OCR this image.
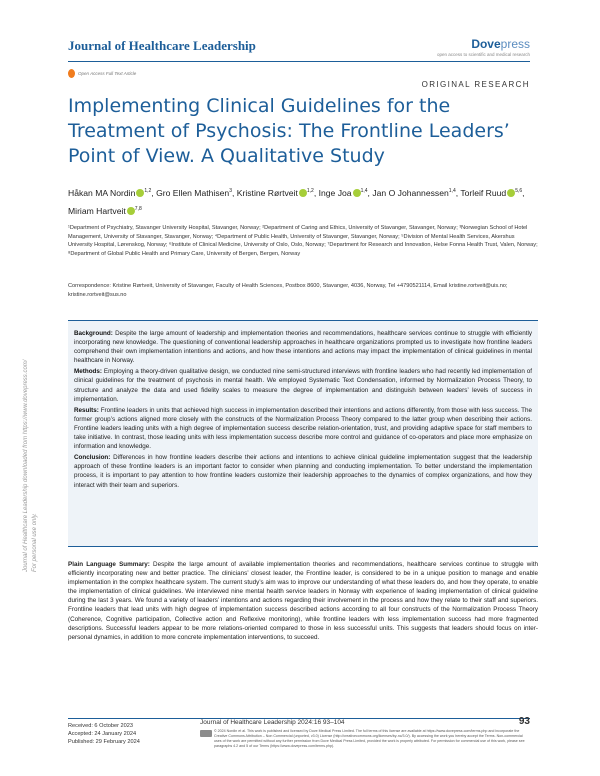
Journal of Healthcare Leadership	Dovepress
open access to scientific and medical research
Open Access Full Text Article
ORIGINAL RESEARCH
Implementing Clinical Guidelines for the Treatment of Psychosis: The Frontline Leaders’ Point of View. A Qualitative Study
Håkan MA Nordin $^{1,2}$, Gro Ellen Mathisen$^3$, Kristine Rørtveit $^{1,2}$, Inge Joa $^{1,4}$, Jan O Johannessen$^{1,4}$, Torleif Ruud $^{5,6}$, Miriam Hartveit $^{7,8}$

¹Department of Psychiatry, Stavanger University Hospital, Stavanger, Norway; ²Department of Caring and Ethics, University of Stavanger, Stavanger, Norway; ³Norwegian School of Hotel Management, University of Stavanger, Stavanger, Norway; ⁴Department of Public Health, University of Stavanger, Stavanger, Norway; ⁵Division of Mental Health Services, Akershus University Hospital, Lørenskog, Norway; ⁶Institute of Clinical Medicine, University of Oslo, Oslo, Norway; ⁷Department for Research and Innovation, Helse Fonna Health Trust, Valen, Norway; ⁸Department of Global Public Health and Primary Care, University of Bergen, Bergen, Norway

Correspondence: Kristine Rørtveit, University of Stavanger, Faculty of Health Sciences, Postbox 8600, Stavanger, 4036, Norway, Tel +4790521114, Email kristine.rortveit@uis.no; kristine.rortveit@sus.no

Background: Despite the large amount of leadership and implementation theories and recommendations, healthcare services continue to struggle with efficiently incorporating new knowledge. The questioning of conventional leadership approaches in healthcare organizations prompted us to investigate how frontline leaders comprehend their own implementation intentions and actions, and how these intentions and actions may impact the implementation of clinical guidelines in mental healthcare in Norway.

Methods: Employing a theory-driven qualitative design, we conducted nine semi-structured interviews with frontline leaders who had recently led implementation of clinical guidelines for the treatment of psychosis in mental health. We employed Systematic Text Condensation, informed by Normalization Process Theory, to structure and analyze the data and used fidelity scales to measure the degree of implementation and distinguish between leaders’ levels of success in implementation.

Results: Frontline leaders in units that achieved high success in implementation described their intentions and actions differently, from those with less success. The former group’s actions aligned more closely with the constructs of the Normalization Process Theory compared to the latter group when describing their actions. Frontline leaders leading units with a high degree of implementation success describe relation-orientation, trust, and providing adaptive space for staff members to take initiative. In contrast, those leading units with less implementation success describe more control and guidance of co-operators and place more emphasize on information and knowledge.

Conclusion: Differences in how frontline leaders describe their actions and intentions to achieve clinical guideline implementation suggest that the leadership approach of these frontline leaders is an important factor to consider when planning and conducting implementation. To better understand the implementation process, it is important to pay attention to how frontline leaders customize their leadership approaches to the dynamics of complex organizations, and how they interact with their team and superiors.

Plain Language Summary: Despite the large amount of available implementation theories and recommendations, healthcare services continue to struggle with efficiently incorporating new and better practice. The clinicians’ closest leader, the Frontline leader, is considered to be in a unique position to manage and enable implementation in the complex healthcare system. The current study’s aim was to improve our understanding of what these leaders do, and how they operate, to enable the implementation of clinical guidelines. We interviewed nine mental health service leaders in Norway with experience of leading implementation of clinical guideline during the last 3 years. We found a variety of leaders’ intentions and actions regarding their involvement in the process and how they relate to their staff and superiors. Frontline leaders that lead units with high degree of implementation success described actions according to all four constructs of the Normalization Process Theory (Coherence, Cognitive participation, Collective action and Reflexive monitoring), while frontline leaders with less implementation success had more fragmented descriptions. Successful leaders appear to be more relations-oriented compared to those in less successful units. This suggests that leaders should focus on inter-personal dynamics, in addition to more concrete implementation interventions, to succeed.

Received: 6 October 2023
Accepted: 24 January 2024
Published: 29 February 2024
Journal of Healthcare Leadership 2024:16 93–104	93

© 2024 Nordin et al. This work is published and licensed by Dove Medical Press Limited. The full terms of this license are available at https://www.dovepress.com/terms.php and incorporate the Creative Commons Attribution – Non Commercial (unported, v3.0) License (http://creativecommons.org/licenses/by-nc/3.0/). By accessing the work you hereby accept the Terms. Non-commercial uses of the work are permitted without any further permission from Dove Medical Press Limited, provided the work is properly attributed. For permission for commercial use of this work, please see paragraphs 4.2 and 5 of our Terms (https://www.dovepress.com/terms.php).

Journal of Healthcare Leadership downloaded from https://www.dovepress.com/ For personal use only.
